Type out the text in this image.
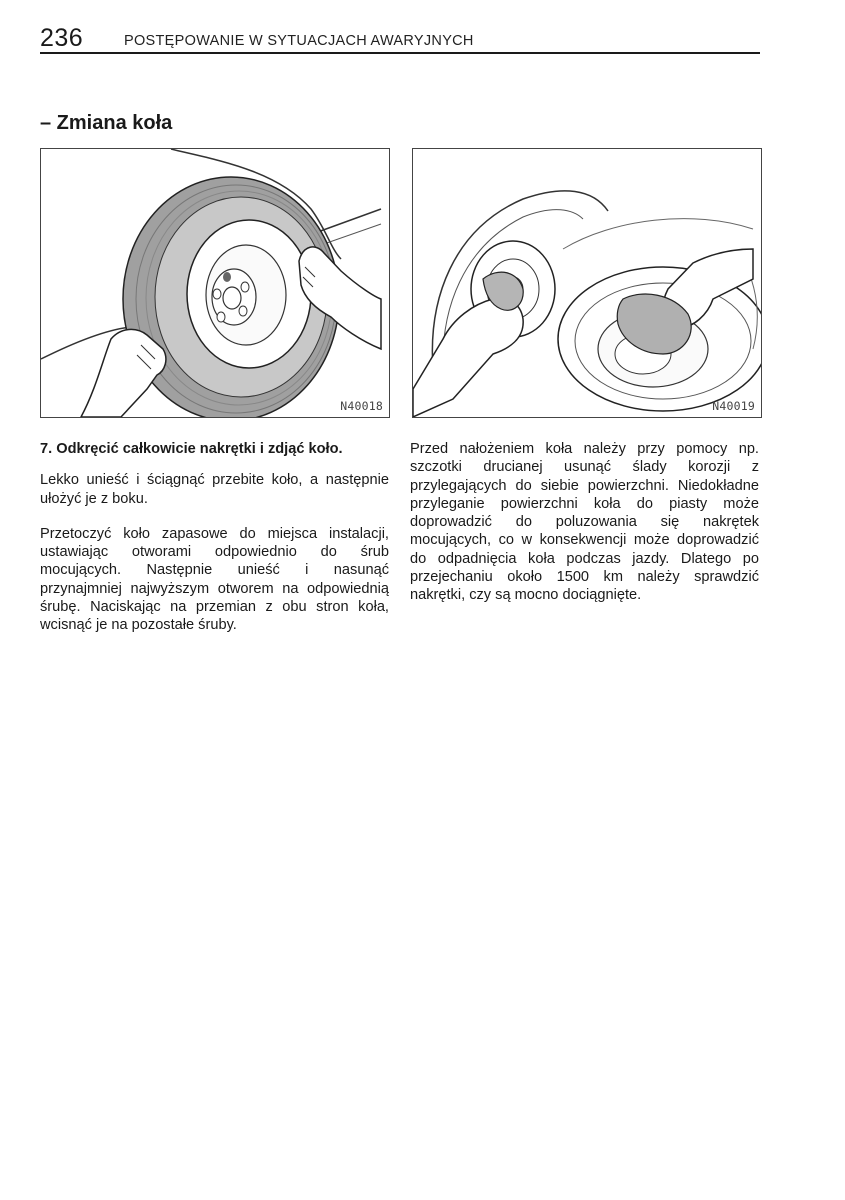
236	POSTĘPOWANIE W SYTUACJACH AWARYJNYCH
– Zmiana koła
N40018	N40019

7. Odkręcić całkowicie nakrętki i zdjąć koło.

Lekko unieść i ściągnąć przebite koło, a następnie ułożyć je z boku.

Przetoczyć koło zapasowe do miejsca instalacji, ustawiając otworami odpowiednio do śrub mocujących. Następnie unieść i nasunąć przynajmniej najwyższym otworem na odpowiednią śrubę. Naciskając na przemian z obu stron koła, wcisnąć je na pozostałe śruby.

Przed nałożeniem koła należy przy pomocy np. szczotki drucianej usunąć ślady korozji z przylegających do siebie powierzchni. Niedokładne przyleganie powierzchni koła do piasty może doprowadzić do poluzowania się nakrętek mocujących, co w konsekwencji może doprowadzić do odpadnięcia koła podczas jazdy. Dlatego po przejechaniu około 1500 km należy sprawdzić nakrętki, czy są mocno dociągnięte.
